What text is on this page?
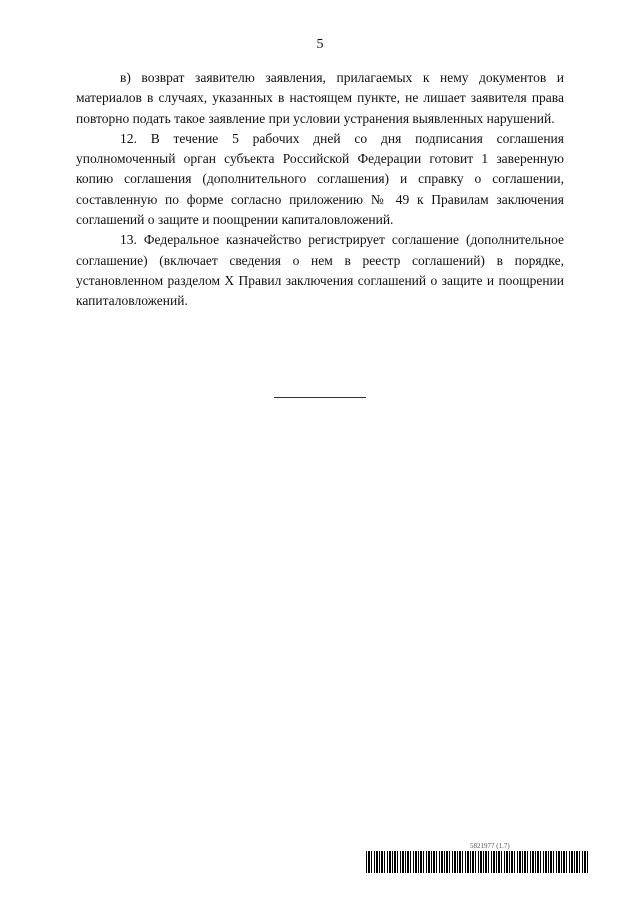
5

в) возврат заявителю заявления, прилагаемых к нему документов и материалов в случаях, указанных в настоящем пункте, не лишает заявителя права повторно подать такое заявление при условии устранения выявленных нарушений.

12. В течение 5 рабочих дней со дня подписания соглашения уполномоченный орган субъекта Российской Федерации готовит 1 заверенную копию соглашения (дополнительного соглашения) и справку о соглашении, составленную по форме согласно приложению № 49 к Правилам заключения соглашений о защите и поощрении капиталовложений.

13. Федеральное казначейство регистрирует соглашение (дополнительное соглашение) (включает сведения о нем в реестр соглашений) в порядке, установленном разделом X Правил заключения соглашений о защите и поощрении капиталовложений.

5821977 (1.7)
